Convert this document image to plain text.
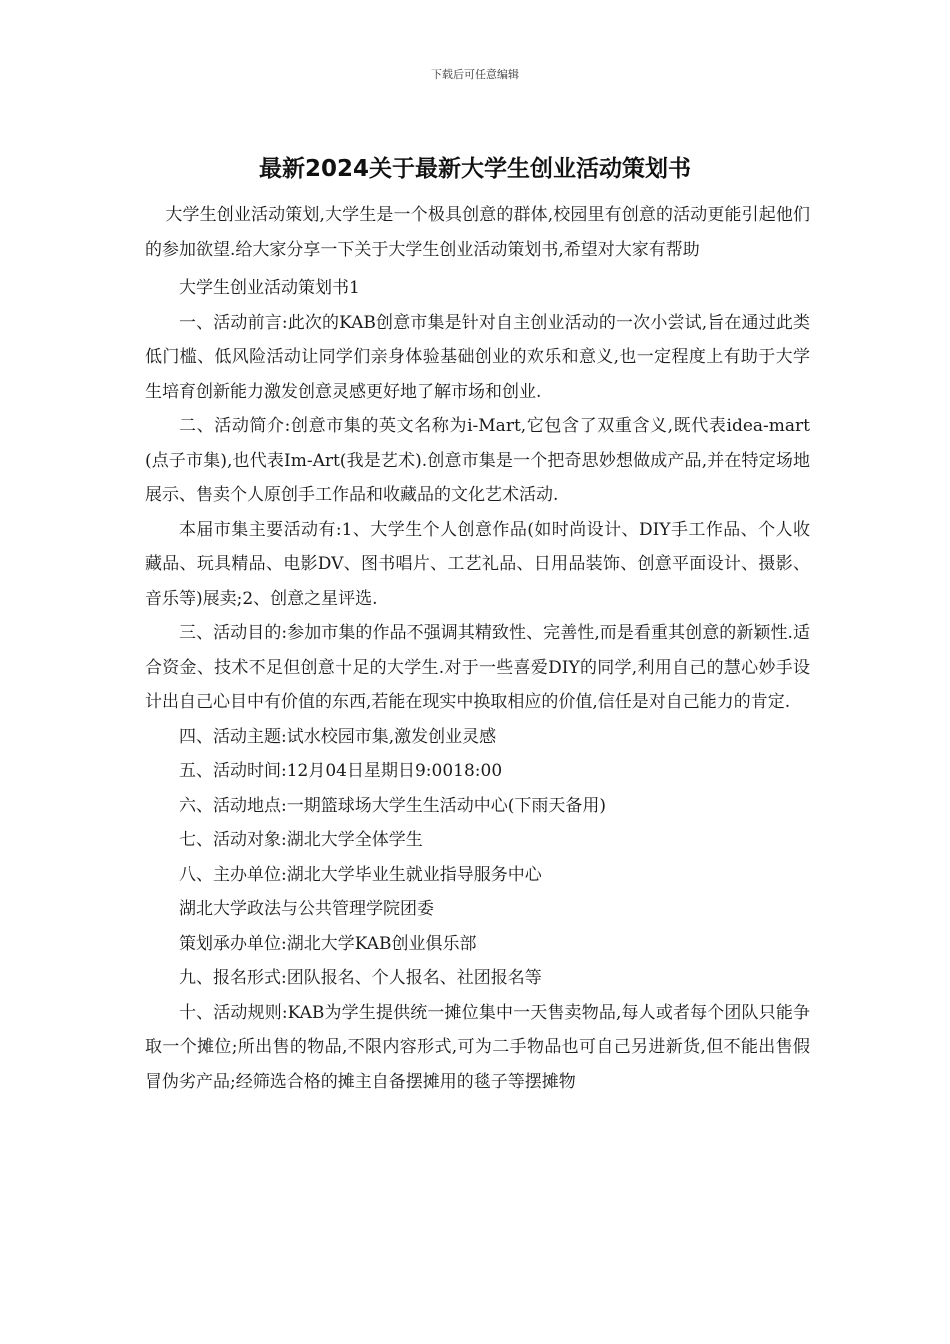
下载后可任意编辑
最新2024关于最新大学生创业活动策划书

大学生创业活动策划,大学生是一个极具创意的群体,校园里有创意的活动更能引起他们的参加欲望.给大家分享一下关于大学生创业活动策划书,希望对大家有帮助

大学生创业活动策划书1

一、活动前言:此次的KAB创意市集是针对自主创业活动的一次小尝试,旨在通过此类低门槛、低风险活动让同学们亲身体验基础创业的欢乐和意义,也一定程度上有助于大学生培育创新能力激发创意灵感更好地了解市场和创业.

二、活动简介:创意市集的英文名称为i-Mart,它包含了双重含义,既代表idea-mart(点子市集),也代表Im-Art(我是艺术).创意市集是一个把奇思妙想做成产品,并在特定场地展示、售卖个人原创手工作品和收藏品的文化艺术活动.

本届市集主要活动有:1、大学生个人创意作品(如时尚设计、DIY手工作品、个人收藏品、玩具精品、电影DV、图书唱片、工艺礼品、日用品装饰、创意平面设计、摄影、音乐等)展卖;2、创意之星评选.

三、活动目的:参加市集的作品不强调其精致性、完善性,而是看重其创意的新颖性.适合资金、技术不足但创意十足的大学生.对于一些喜爱DIY的同学,利用自己的慧心妙手设计出自己心目中有价值的东西,若能在现实中换取相应的价值,信任是对自己能力的肯定.

四、活动主题:试水校园市集,激发创业灵感

五、活动时间:12月04日星期日9:0018:00

六、活动地点:一期篮球场大学生生活动中心(下雨天备用)

七、活动对象:湖北大学全体学生

八、主办单位:湖北大学毕业生就业指导服务中心

湖北大学政法与公共管理学院团委

策划承办单位:湖北大学KAB创业俱乐部

九、报名形式:团队报名、个人报名、社团报名等

十、活动规则:KAB为学生提供统一摊位集中一天售卖物品,每人或者每个团队只能争取一个摊位;所出售的物品,不限内容形式,可为二手物品也可自己另进新货,但不能出售假冒伪劣产品;经筛选合格的摊主自备摆摊用的毯子等摆摊物
